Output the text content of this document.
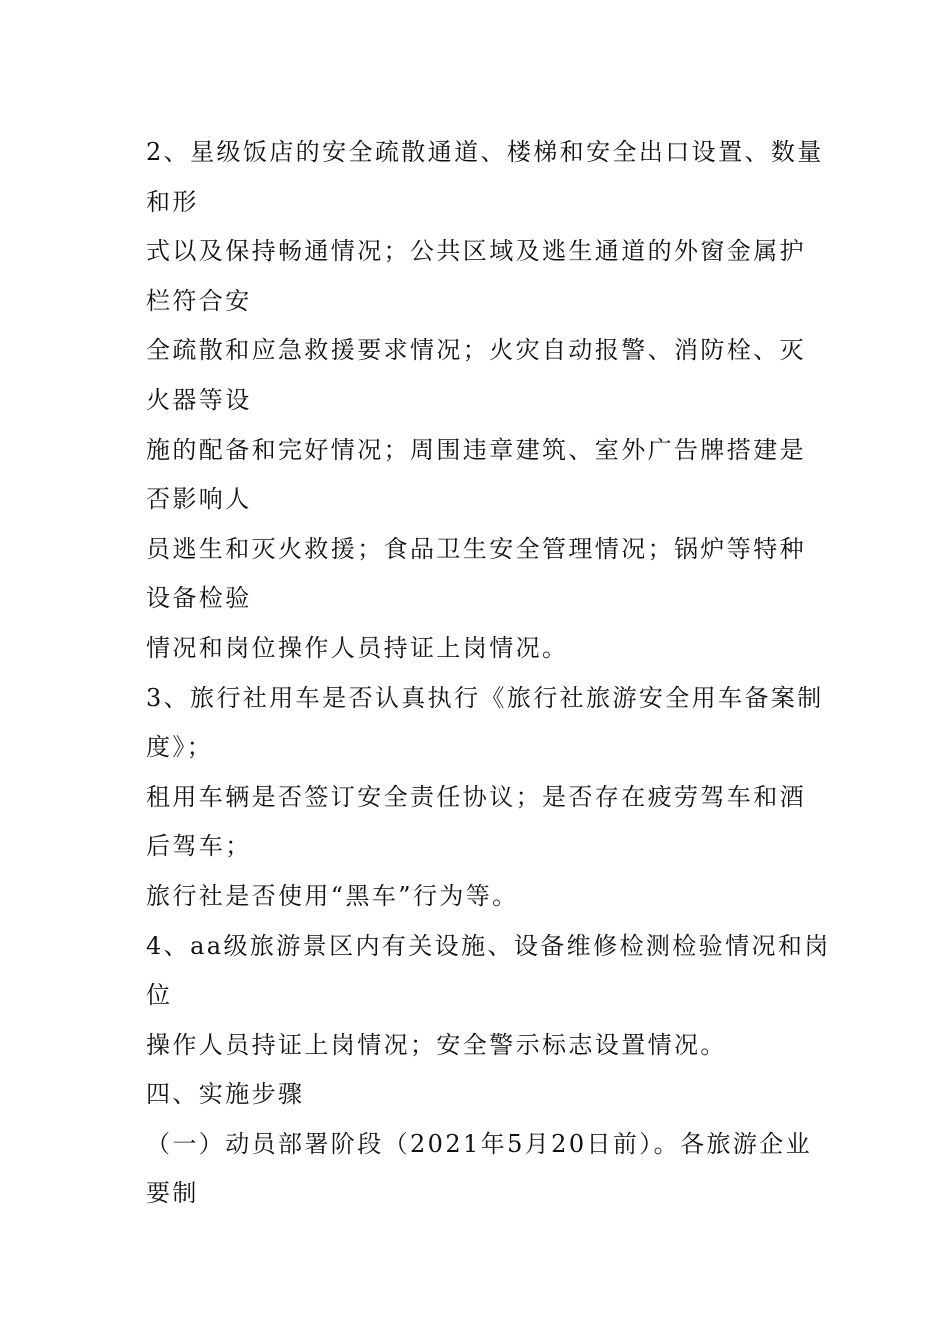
2、星级饭店的安全疏散通道、楼梯和安全出口设置、数量
和形
式以及保持畅通情况；公共区域及逃生通道的外窗金属护
栏符合安
全疏散和应急救援要求情况；火灾自动报警、消防栓、灭
火器等设
施的配备和完好情况；周围违章建筑、室外广告牌搭建是
否影响人
员逃生和灭火救援；食品卫生安全管理情况；锅炉等特种
设备检验
情况和岗位操作人员持证上岗情况。
3、旅行社用车是否认真执行《旅行社旅游安全用车备案制
度》；
租用车辆是否签订安全责任协议；是否存在疲劳驾车和酒
后驾车；
旅行社是否使用“黑车”行为等。
4、aa级旅游景区内有关设施、设备维修检测检验情况和岗
位
操作人员持证上岗情况；安全警示标志设置情况。
四、实施步骤
（一）动员部署阶段（2021年5月20日前）。各旅游企业
要制
